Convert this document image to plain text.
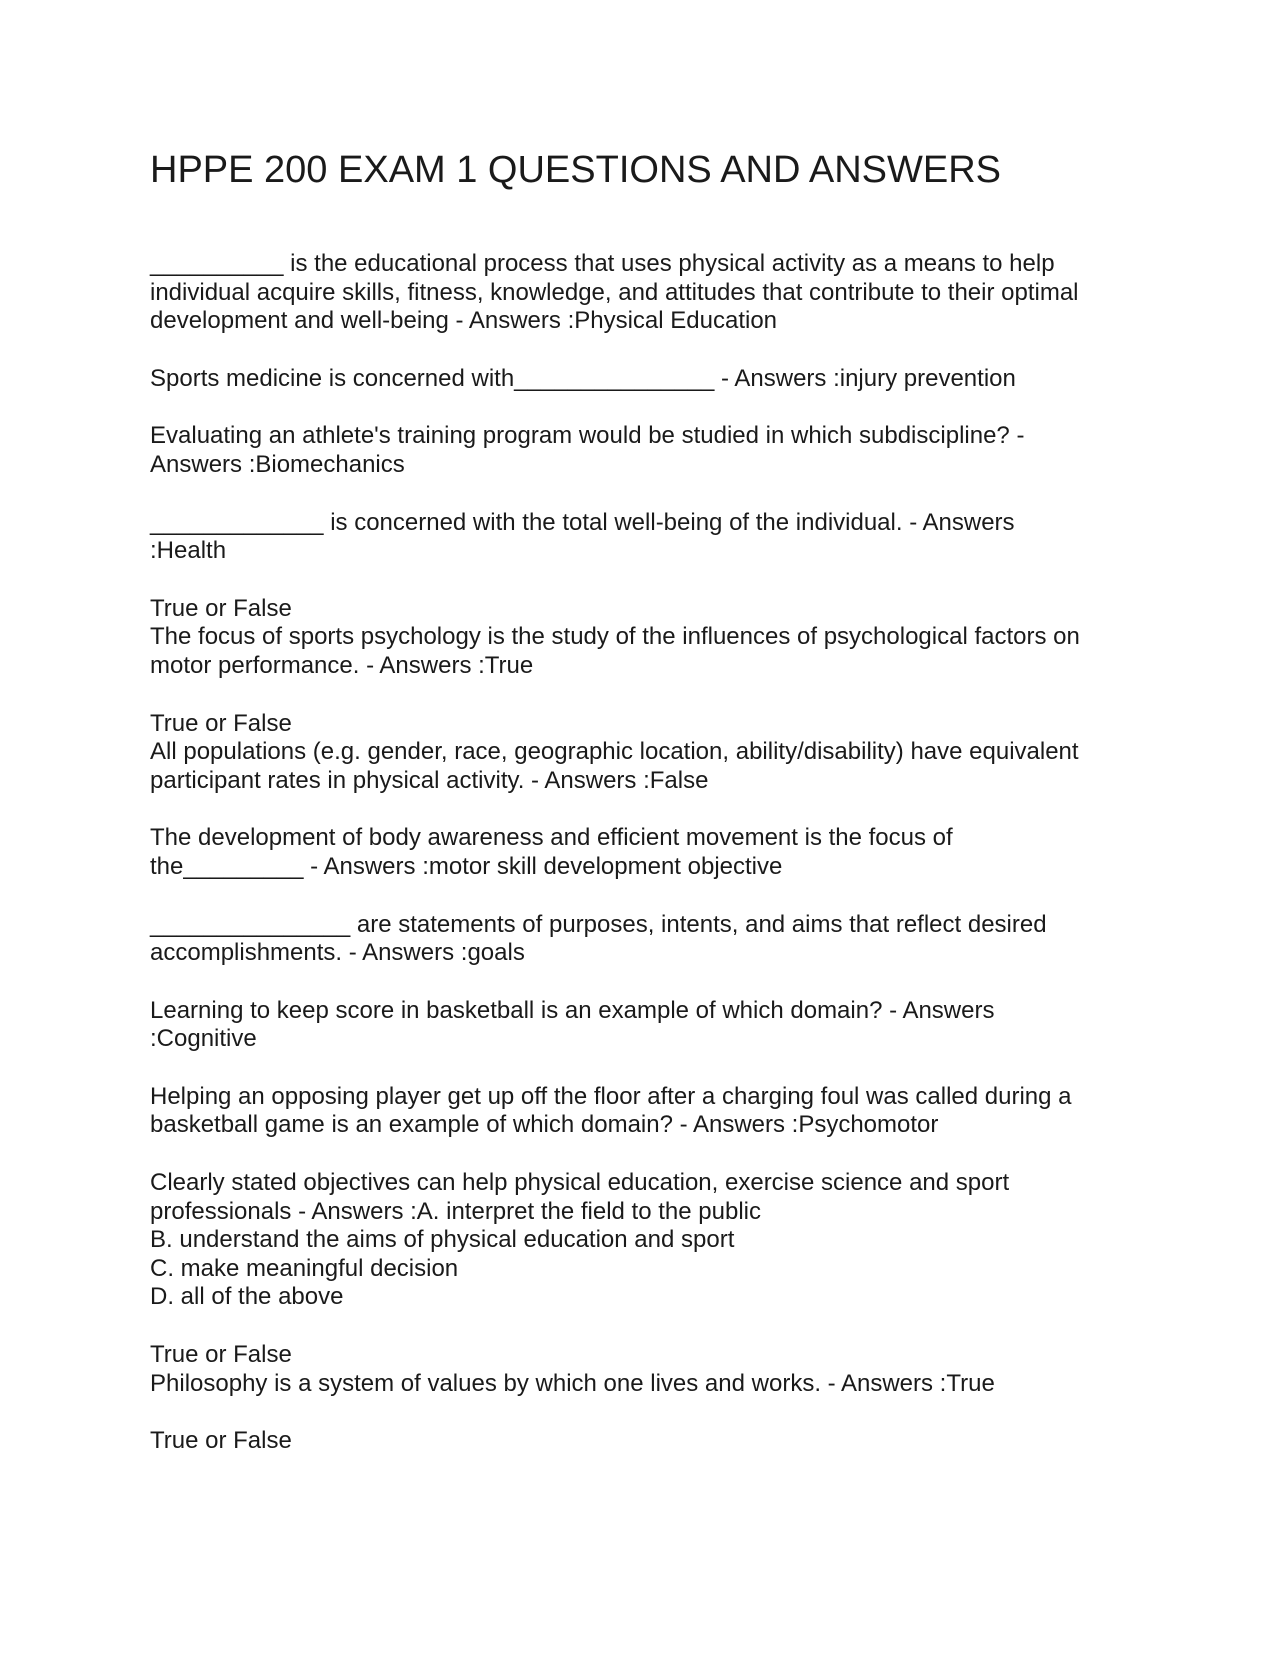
HPPE 200 EXAM 1 QUESTIONS AND ANSWERS

__________ is the educational process that uses physical activity as a means to help

individual acquire skills, fitness, knowledge, and attitudes that contribute to their optimal

development and well-being - Answers :Physical Education

Sports medicine is concerned with_______________ - Answers :injury prevention

Evaluating an athlete's training program would be studied in which subdiscipline? -

Answers :Biomechanics

_____________ is concerned with the total well-being of the individual. - Answers

:Health

True or False

The focus of sports psychology is the study of the influences of psychological factors on

motor performance. - Answers :True

True or False

All populations (e.g. gender, race, geographic location, ability/disability) have equivalent

participant rates in physical activity. - Answers :False

The development of body awareness and efficient movement is the focus of

the_________ - Answers :motor skill development objective

_______________ are statements of purposes, intents, and aims that reflect desired

accomplishments. - Answers :goals

Learning to keep score in basketball is an example of which domain? - Answers

:Cognitive

Helping an opposing player get up off the floor after a charging foul was called during a

basketball game is an example of which domain? - Answers :Psychomotor

Clearly stated objectives can help physical education, exercise science and sport

professionals - Answers :A. interpret the field to the public

B. understand the aims of physical education and sport

C. make meaningful decision

D. all of the above

True or False

Philosophy is a system of values by which one lives and works. - Answers :True

True or False
